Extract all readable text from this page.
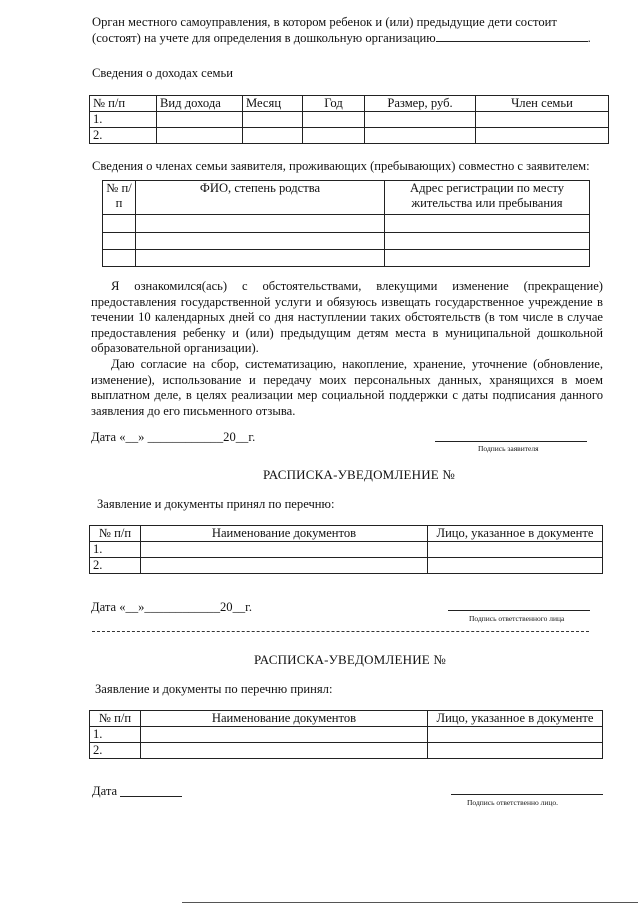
Орган местного самоуправления, в котором ребенок и (или) предыдущие дети состоит
(состоят) на учете для определения в дошкольную организацию	.
Сведения о доходах семьи
№ п/п	Вид дохода	Месяц	Год	Размер, руб.	Член семьи
1.					
2.					
Сведения о членах семьи заявителя, проживающих (пребывающих) совместно с заявителем:
№ п/п	ФИО, степень родства	Адрес регистрации по месту жительства или пребывания

Я ознакомился(ась) с обстоятельствами, влекущими изменение (прекращение) предоставления государственной услуги и обязуюсь извещать государственное учреждение в течении 10 календарных дней со дня наступлении таких обстоятельств (в том числе в случае предоставления ребенку и (или) предыдущим детям места в муниципальной дошкольной образовательной организации).
Даю согласие на сбор, систематизацию, накопление, хранение, уточнение (обновление, изменение), использование и передачу моих персональных данных, хранящихся в моем выплатном деле, в целях реализации мер социальной поддержки с даты подписания данного заявления до его письменного отзыва.
Дата «__» ____________20__г.
Подпись заявителя
РАСПИСКА-УВЕДОМЛЕНИЕ №
Заявление и документы принял по перечню:
№ п/п	Наименование документов	Лицо, указанное в документе
1.		
2.		
Дата «__»____________20__г.
Подпись ответственного лица
РАСПИСКА-УВЕДОМЛЕНИЕ №
Заявление и документы по перечню принял:
№ п/п	Наименование документов	Лицо, указанное в документе
1.		
2.		
Дата
Подпись ответственно лицо.
